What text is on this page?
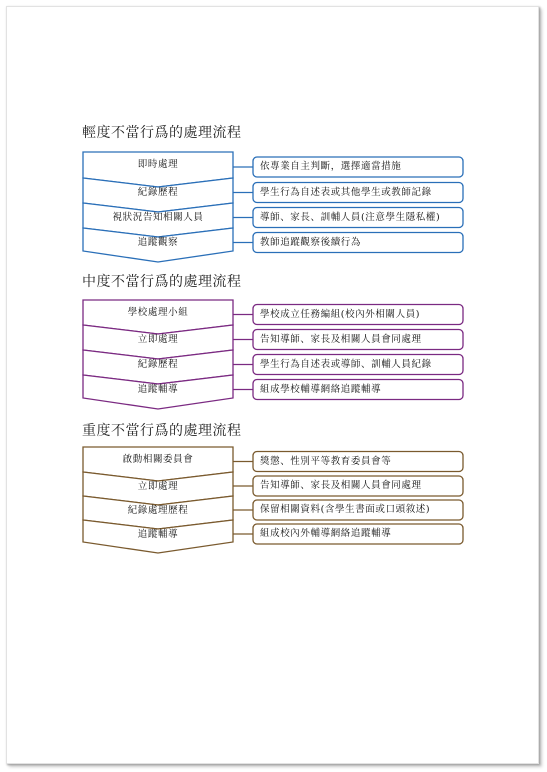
輕度不當行爲的處理流程
即時處理	依專業自主判斷，選擇適當措施
紀錄歷程	學生行為自述表或其他學生或教師記錄
視狀況告知相關人員	導師、家長、訓輔人員(注意學生隱私權)
追蹤觀察	教師追蹤觀察後續行為
中度不當行爲的處理流程
學校處理小組	學校成立任務編組(校內外相關人員)
立即處理	告知導師、家長及相關人員會同處理
紀錄歷程	學生行為自述表或導師、訓輔人員紀錄
追蹤輔導	組成學校輔導網絡追蹤輔導
重度不當行爲的處理流程
啟動相關委員會	獎懲、性別平等教育委員會等
立即處理	告知導師、家長及相關人員會同處理
紀錄處理歷程	保留相關資料(含學生書面或口頭敘述)
追蹤輔導	組成校內外輔導網絡追蹤輔導
